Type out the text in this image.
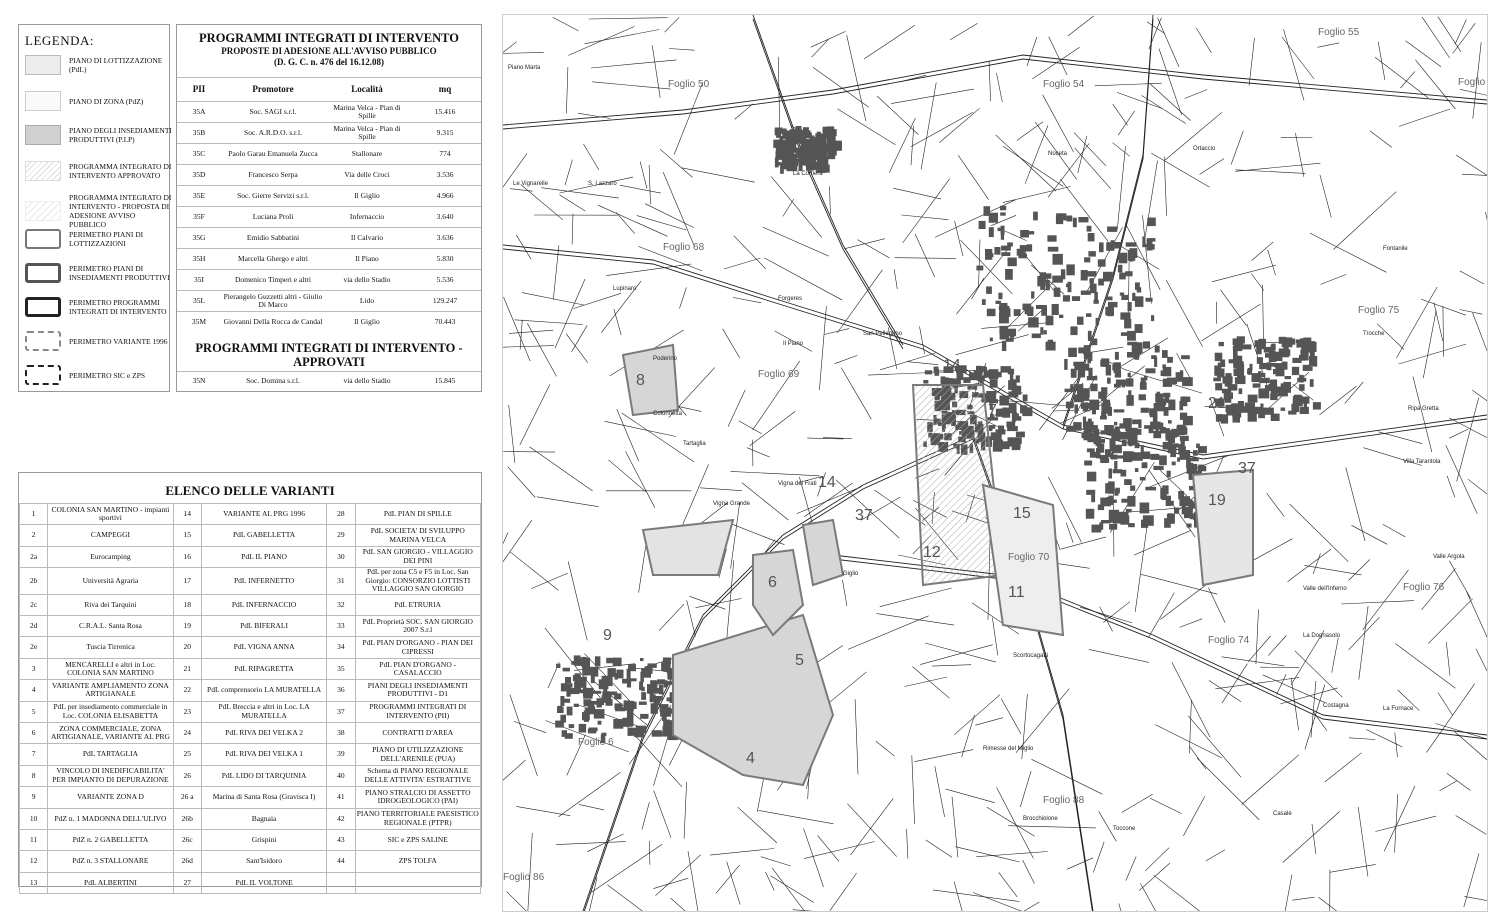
LEGENDA:
PIANO DI LOTTIZZAZIONE (PdL)
PIANO DI ZONA (PdZ)
PIANO DEGLI INSEDIAMENTI PRODUTTIVI (P.I.P)
PROGRAMMA INTEGRATO DI INTERVENTO APPROVATO
PROGRAMMA INTEGRATO DI INTERVENTO - PROPOSTA DI ADESIONE AVVISO PUBBLICO
PERIMETRO PIANI DI LOTTIZZAZIONI
PERIMETRO PIANI DI INSEDIAMENTI PRODUTTIVI
PERIMETRO PROGRAMMI INTEGRATI DI INTERVENTO
PERIMETRO VARIANTE 1996
PERIMETRO SIC e ZPS
PROGRAMMI INTEGRATI DI INTERVENTO
PROPOSTE DI ADESIONE ALL'AVVISO PUBBLICO
(D. G. C. n. 476 del 16.12.08)
PII	Promotore	Località	mq
35A	Soc. SAGI s.r.l.	Marina Velca - Pian di Spille	15.416
35B	Soc. A.R.D.O. s.r.l.	Marina Velca - Pian di Spille	9.315
35C	Paolo Garau Emanuela Zucca	Stallonare	774
35D	Francesco Serpa	Via delle Croci	3.536
35E	Soc. Gierre Servizi s.r.l.	Il Giglio	4.966
35F	Luciana Proli	Infernaccio	3.640
35G	Emidio Sabbatini	Il Calvario	3.636
35H	Marcella Ghergo e altri	Il Piano	5.830
35I	Domenico Timperi e altri	via dello Stadio	5.536
35L	Pierangelo Guzzetti altri - Giulio Di Marco	Lido	129.247
35M	Giovanni Della Rocca de Candal	Il Giglio	70.443
PROGRAMMI INTEGRATI DI INTERVENTO - APPROVATI
35N	Soc. Domina s.r.l.	via dello Stadio	15.845
ELENCO DELLE VARIANTI
1	COLONIA SAN MARTINO - impianti sportivi	14	VARIANTE AL PRG 1996	28	PdL PIAN DI SPILLE
2	CAMPEGGI	15	PdL GABELLETTA	29	PdL SOCIETA' DI SVILUPPO MARINA VELCA
2a	Eurocamping	16	PdL IL PIANO	30	PdL SAN GIORGIO - VILLAGGIO DEI PINI
2b	Università Agraria	17	PdL INFERNETTO	31	PdL per zona C5 e F5 in Loc. San Giorgio: CONSORZIO LOTTISTI VILLAGGIO SAN GIORGIO
2c	Riva dei Tarquini	18	PdL INFERNACCIO	32	PdL ETRURIA
2d	C.R.A.L. Santa Rosa	19	PdL BIFERALI	33	PdL Proprietà SOC. SAN GIORGIO 2007 S.r.l
2e	Tuscia Tirrenica	20	PdL VIGNA ANNA	34	PdL PIAN D'ORGANO - PIAN DEI CIPRESSI
3	MENCARELLI e altri in Loc. COLONIA SAN MARTINO	21	PdL RIPAGRETTA	35	PdL PIAN D'ORGANO - CASALACCIO
4	VARIANTE AMPLIAMENTO ZONA ARTIGIANALE	22	PdL comprensorio LA MURATELLA	36	PIANI DEGLI INSEDIAMENTI PRODUTTIVI - D1
5	PdL per insediamento commerciale in Loc. COLONIA ELISABETTA	23	PdL Breccia e altri in Loc. LA MURATELLA	37	PROGRAMMI INTEGRATI DI INTERVENTO (PII)
6	ZONA COMMERCIALE, ZONA ARTIGIANALE, VARIANTE AL PRG	24	PdL RIVA DEI VELKA 2	38	CONTRATTI D'AREA
7	PdL TARTAGLIA	25	PdL RIVA DEI VELKA 1	39	PIANO DI UTILIZZAZIONE DELL'ARENILE (PUA)
8	VINCOLO DI INEDIFICABILITA' PER IMPIANTO DI DEPURAZIONE	26	PdL LIDO DI TARQUINIA	40	Schema di PIANO REGIONALE DELLE ATTIVITA' ESTRATTIVE
9	VARIANTE ZONA D	26 a	Marina di Santa Rosa (Gravisca I)	41	PIANO STRALCIO DI ASSETTO IDROGEOLOGICO (PAI)
10	PdZ n. 1 MADONNA DELL'ULIVO	26b	Bagnaia	42	PIANO TERRITORIALE PAESISTICO REGIONALE (PTPR)
11	PdZ n. 2 GABELLETTA	26c	Grispini	43	SIC e ZPS SALINE
12	PdZ n. 3 STALLONARE	26d	Sant'Isidoro	44	ZPS TOLFA
13	PdL ALBERTINI	27	PdL IL VOLTONE		
Foglio 55
Foglio 50	Foglio 54	Foglio
Foglio 68
Foglio 69
Foglio 75
Foglio 76
Foglio 74
Foglio 70
Foglio 88
Foglio 86
Foglio 6
Piano Marta
Colonnetta
Tartaglia
Vigna Grande
Vigna dei Frati
Giglio
Lupinaro
Poderino
Il Piano
Brocchiolone
Scortocagatti
Le Vignarelle	S. Lazzaro
La Cortiera
Forgeres
San Pellegrino
Ripa Gretta
Villa Tarantola
Valle Argola
Valle dell'Inferno
La Dognasolo
Costagna	La Fornace
Rimesse del Miglio
Toccone
Noceta
Ortaccio
Fontanile
Trocche
Casale
8
14
14
37
6
15
12
11
19
21
37
4
5
9
7
